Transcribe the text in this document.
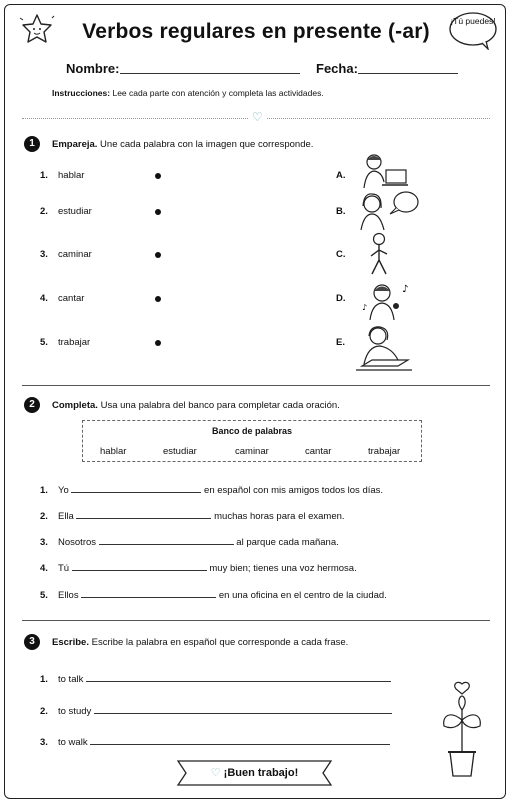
Verbos regulares en presente (-ar)	¡Tú puedes!
Nombre:	Fecha:
Instrucciones: Lee cada parte con atención y completa las actividades.
♡
1	Empareja. Une cada palabra con la imagen que corresponde.
1. hablar	A.
2. estudiar	B.
3. caminar	C.
4. cantar	D.
5. trabajar	E.
♪
♪
2	Completa. Usa una palabra del banco para completar cada oración.
Banco de palabras
hablar	estudiar	caminar	cantar	trabajar
1. Yo	en español con mis amigos todos los días.
2. Ella	muchas horas para el examen.
3. Nosotros	al parque cada mañana.
4. Tú	muy bien; tienes una voz hermosa.
5. Ellos	en una oficina en el centro de la ciudad.
3	Escribe. Escribe la palabra en español que corresponde a cada frase.
1. to talk
2. to study
3. to walk
♡ ¡Buen trabajo!
